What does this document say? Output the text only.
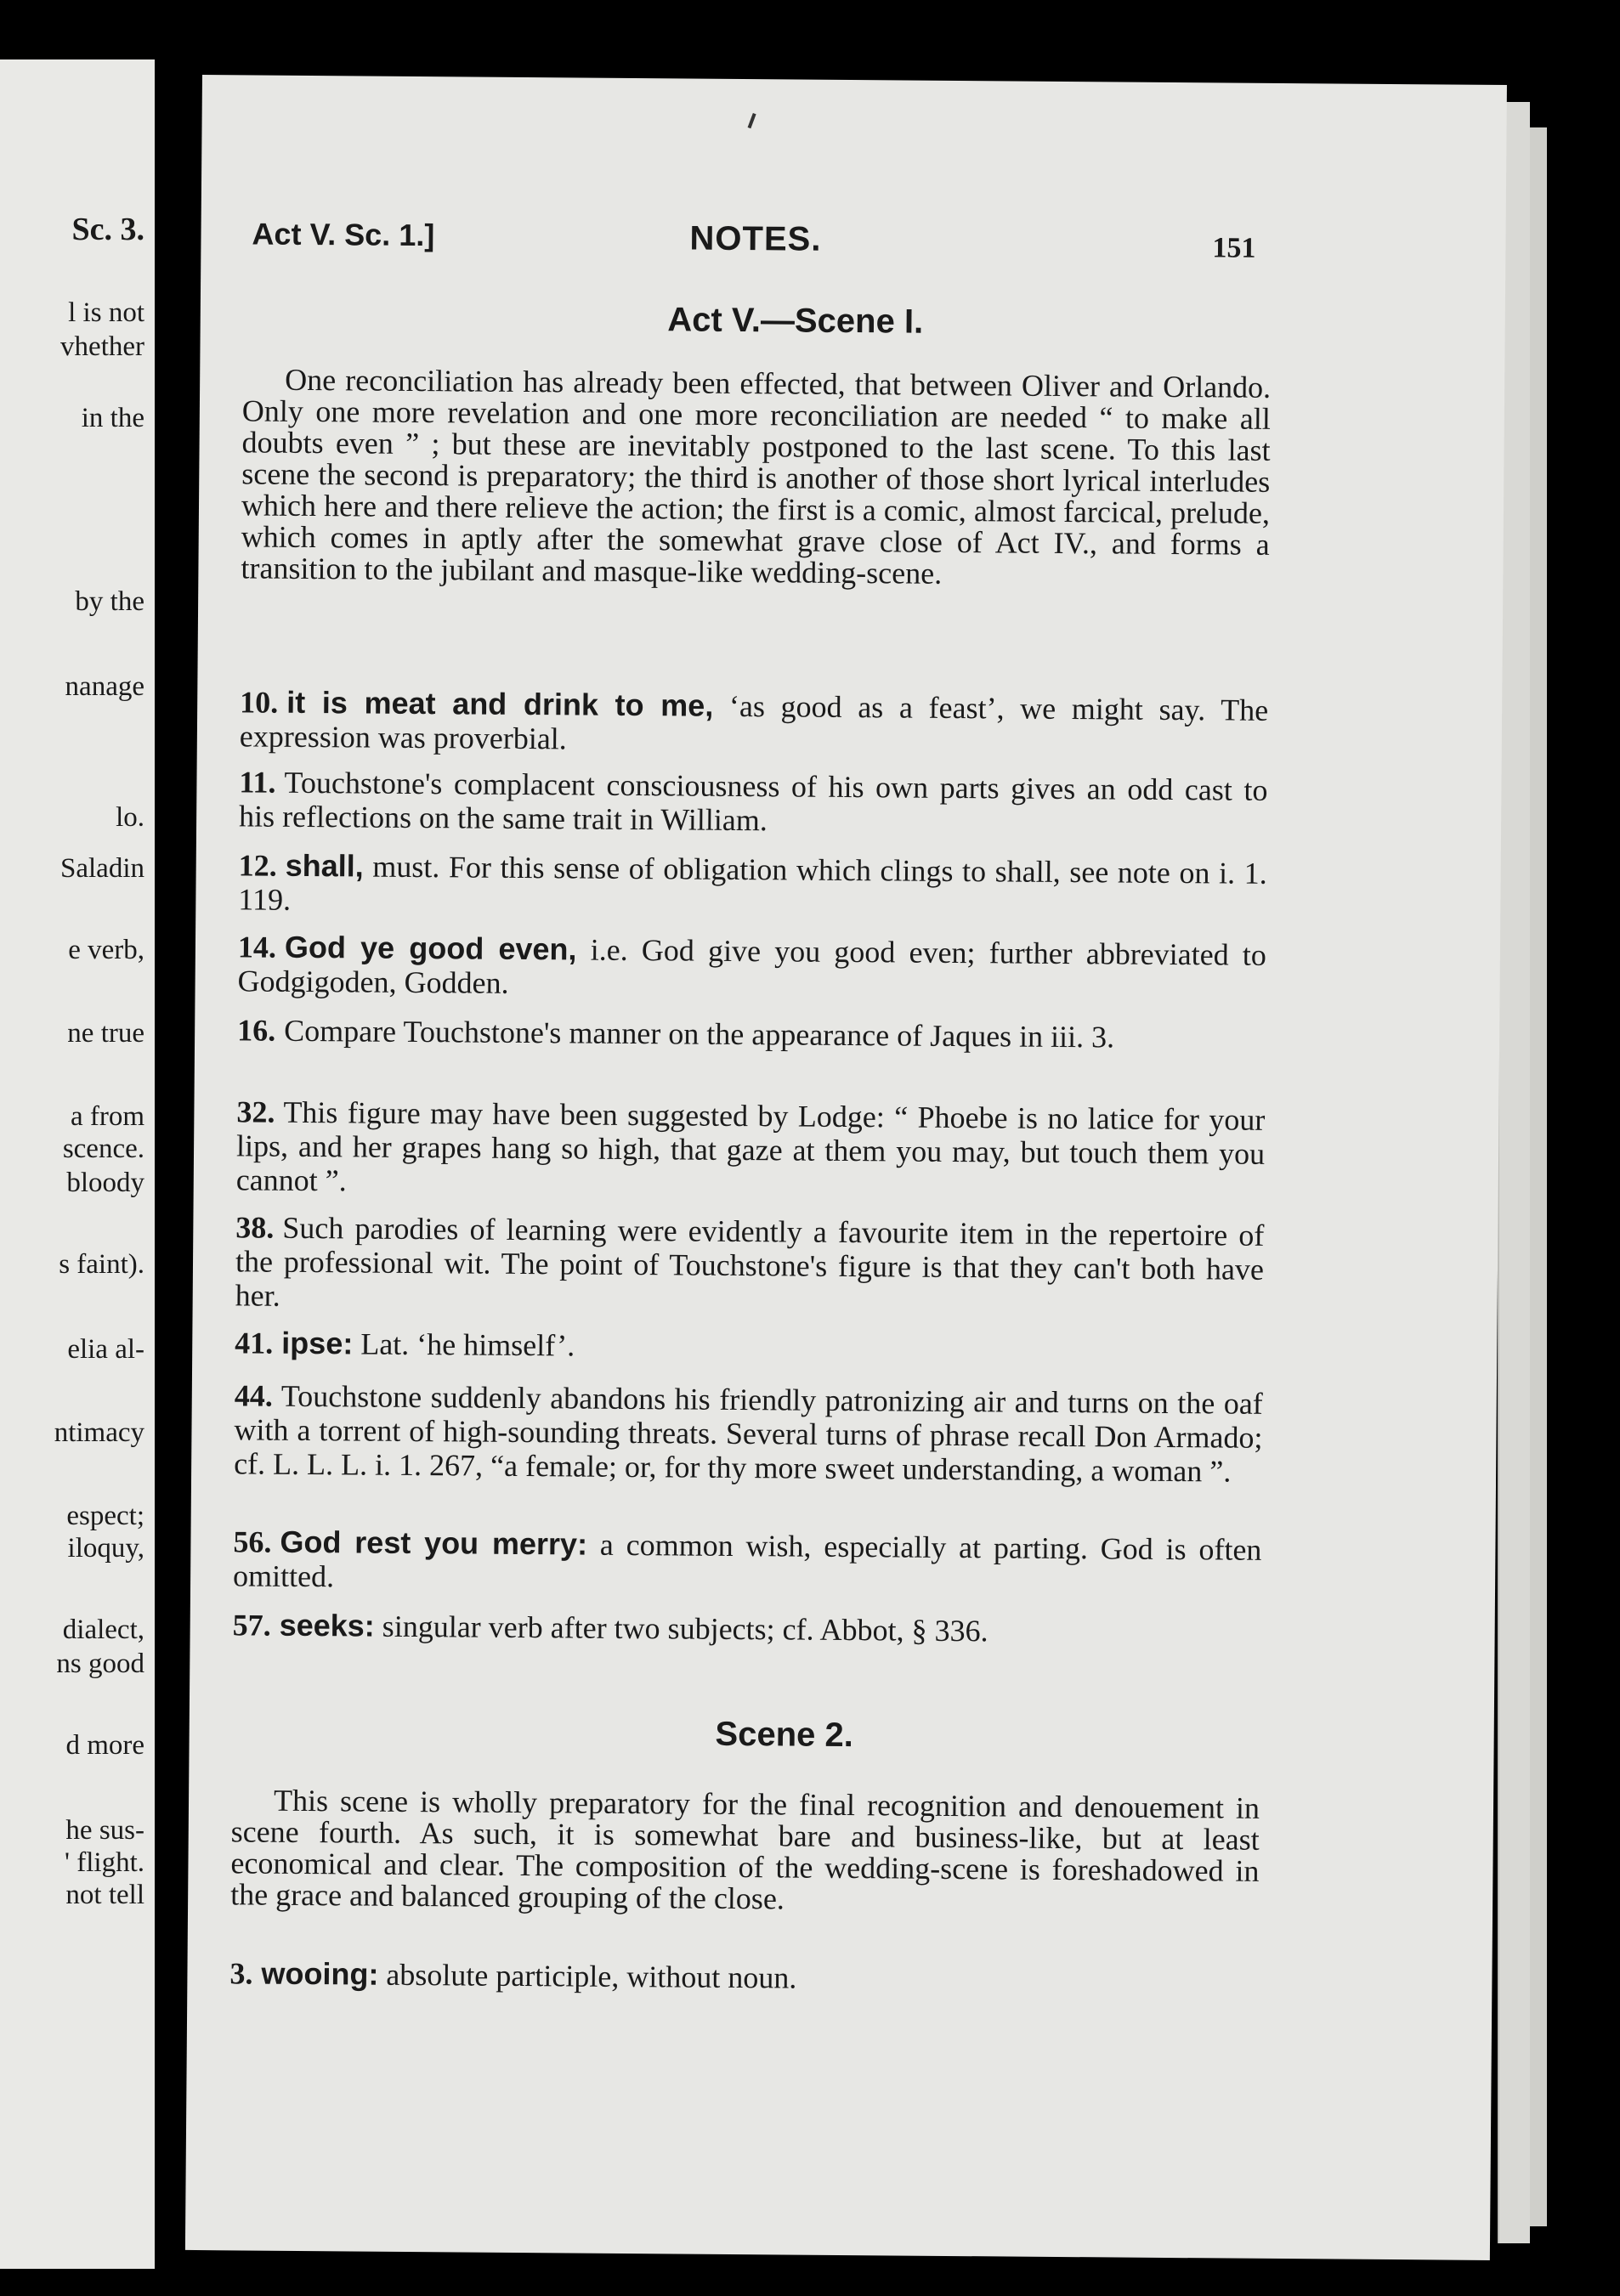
Sc. 3.
l is not
vhether
in the
by the
nanage
lo.
Saladin
e verb,
ne true
a from
scence.
bloody
s faint).
elia al-
ntimacy
espect;
iloquy,
dialect,
ns good
d more
he sus-
' flight.
not tell
Act V. Sc. 1.]	NOTES.	151
Act V.—Scene I.
One reconciliation has already been effected, that between Oliver and Orlando. Only one more revelation and one more reconciliation are needed “ to make all doubts even ” ; but these are inevitably postponed to the last scene. To this last scene the second is preparatory; the third is another of those short lyrical interludes which here and there relieve the action; the first is a comic, almost farcical, prelude, which comes in aptly after the somewhat grave close of Act IV., and forms a transition to the jubilant and masque-like wedding-scene.
10. it is meat and drink to me, ‘as good as a feast’, we might say. The expression was proverbial.
11. Touchstone's complacent consciousness of his own parts gives an odd cast to his reflections on the same trait in William.
12. shall, must. For this sense of obligation which clings to shall, see note on i. 1. 119.
14. God ye good even, i.e. God give you good even; further abbreviated to Godgigoden, Godden.
16. Compare Touchstone's manner on the appearance of Jaques in iii. 3.
32. This figure may have been suggested by Lodge: “ Phoebe is no latice for your lips, and her grapes hang so high, that gaze at them you may, but touch them you cannot ”.
38. Such parodies of learning were evidently a favourite item in the repertoire of the professional wit. The point of Touchstone's figure is that they can't both have her.
41. ipse: Lat. ‘he himself’.
44. Touchstone suddenly abandons his friendly patronizing air and turns on the oaf with a torrent of high-sounding threats. Several turns of phrase recall Don Armado; cf. L. L. L. i. 1. 267, “a female; or, for thy more sweet understanding, a woman ”.
56. God rest you merry: a common wish, especially at parting. God is often omitted.
57. seeks: singular verb after two subjects; cf. Abbot, § 336.
Scene 2.
This scene is wholly preparatory for the final recognition and denouement in scene fourth. As such, it is somewhat bare and business-like, but at least economical and clear. The composition of the wedding-scene is foreshadowed in the grace and balanced grouping of the close.
3. wooing: absolute participle, without noun.
